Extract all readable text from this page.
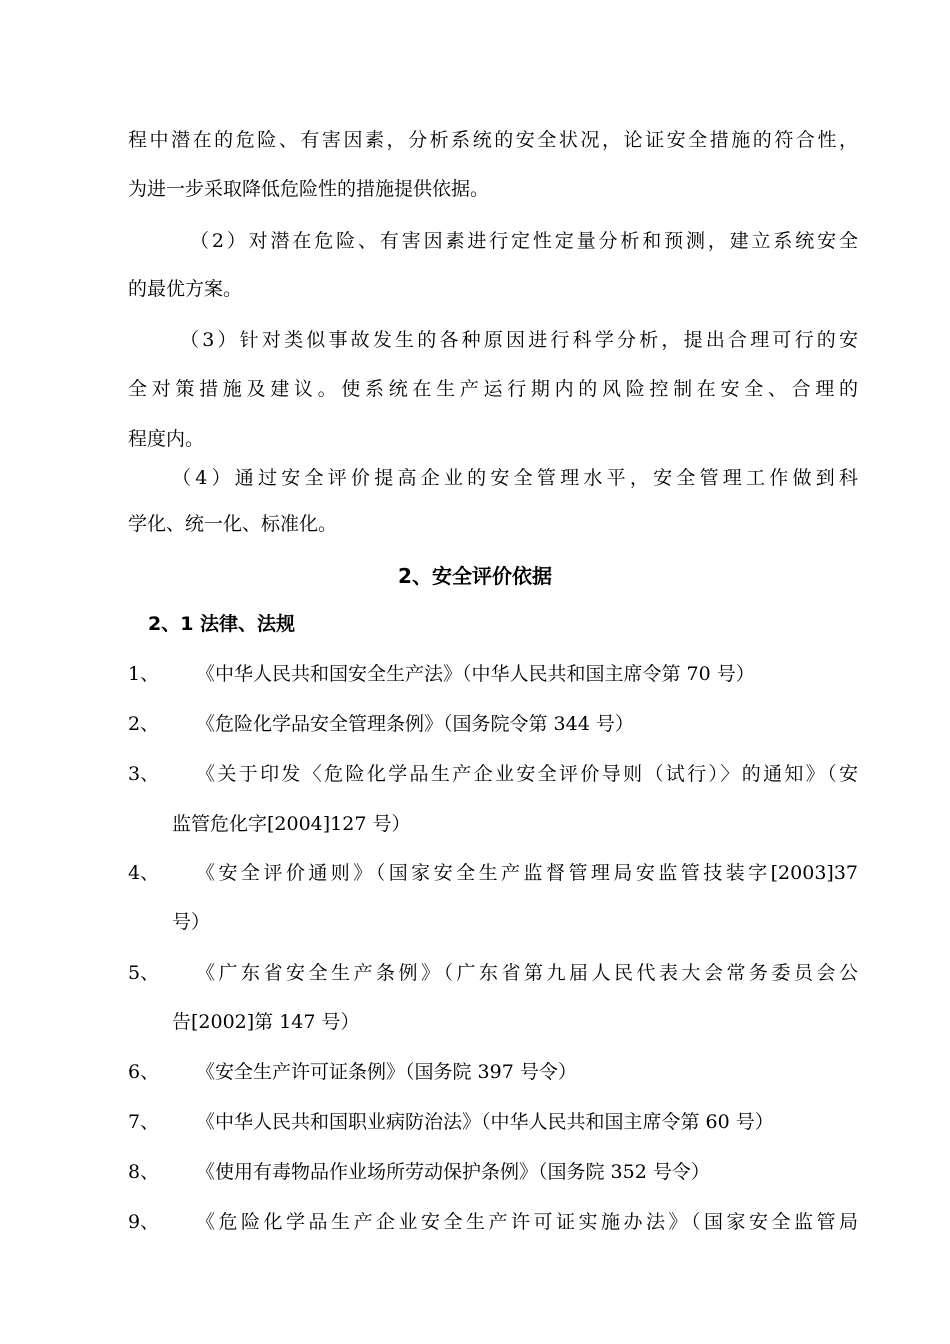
程中潜在的危险、有害因素，分析系统的安全状况，论证安全措施的符合性，
为进一步采取降低危险性的措施提供依据。
（2）对潜在危险、有害因素进行定性定量分析和预测，建立系统安全
的最优方案。
（3）针对类似事故发生的各种原因进行科学分析，提出合理可行的安
全对策措施及建议。使系统在生产运行期内的风险控制在安全、合理的
程度内。
（4）通过安全评价提高企业的安全管理水平，安全管理工作做到科
学化、统一化、标准化。
2、安全评价依据
2、1 法律、法规
1、 《中华人民共和国安全生产法》（中华人民共和国主席令第 70 号）
2、 《危险化学品安全管理条例》（国务院令第 344 号）
3、 《关于印发〈危险化学品生产企业安全评价导则（试行）〉的通知》（安
监管危化字[2004]127 号）
4、 《安全评价通则》（国家安全生产监督管理局安监管技装字[2003]37
号）
5、 《广东省安全生产条例》（广东省第九届人民代表大会常务委员会公
告[2002]第 147 号）
6、 《安全生产许可证条例》（国务院 397 号令）
7、 《中华人民共和国职业病防治法》（中华人民共和国主席令第 60 号）
8、 《使用有毒物品作业场所劳动保护条例》（国务院 352 号令）
9、 《危险化学品生产企业安全生产许可证实施办法》（国家安全监管局
